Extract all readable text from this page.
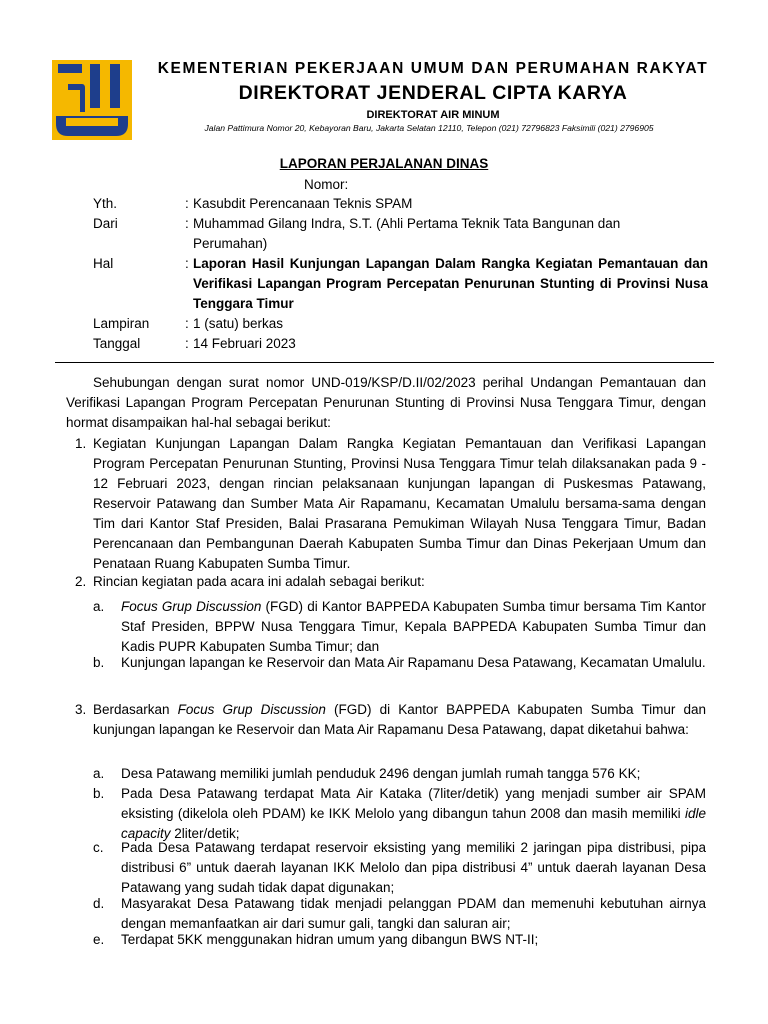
KEMENTERIAN PEKERJAAN UMUM DAN PERUMAHAN RAKYAT
DIREKTORAT JENDERAL CIPTA KARYA
DIREKTORAT AIR MINUM
Jalan Pattimura Nomor 20, Kebayoran Baru, Jakarta Selatan 12110, Telepon (021) 72796823 Faksimili (021) 2796905
LAPORAN PERJALANAN DINAS
Nomor:
Yth.	: Kasubdit Perencanaan Teknis SPAM
Dari	: Muhammad Gilang Indra, S.T. (Ahli Pertama Teknik Tata Bangunan dan
Perumahan)
Hal	: Laporan Hasil Kunjungan Lapangan Dalam Rangka Kegiatan Pemantauan dan Verifikasi Lapangan Program Percepatan Penurunan Stunting di Provinsi Nusa Tenggara Timur
Lampiran	: 1 (satu) berkas
Tanggal	: 14 Februari 2023
Sehubungan dengan surat nomor UND-019/KSP/D.II/02/2023 perihal Undangan Pemantauan dan Verifikasi Lapangan Program Percepatan Penurunan Stunting di Provinsi Nusa Tenggara Timur, dengan hormat disampaikan hal-hal sebagai berikut:
1. Kegiatan Kunjungan Lapangan Dalam Rangka Kegiatan Pemantauan dan Verifikasi Lapangan Program Percepatan Penurunan Stunting, Provinsi Nusa Tenggara Timur telah dilaksanakan pada 9 - 12 Februari 2023, dengan rincian pelaksanaan kunjungan lapangan di Puskesmas Patawang, Reservoir Patawang dan Sumber Mata Air Rapamanu, Kecamatan Umalulu bersama-sama dengan Tim dari Kantor Staf Presiden, Balai Prasarana Pemukiman Wilayah Nusa Tenggara Timur, Badan Perencanaan dan Pembangunan Daerah Kabupaten Sumba Timur dan Dinas Pekerjaan Umum dan Penataan Ruang Kabupaten Sumba Timur.
2. Rincian kegiatan pada acara ini adalah sebagai berikut:
a. Focus Grup Discussion (FGD) di Kantor BAPPEDA Kabupaten Sumba timur bersama Tim Kantor Staf Presiden, BPPW Nusa Tenggara Timur, Kepala BAPPEDA Kabupaten Sumba Timur dan Kadis PUPR Kabupaten Sumba Timur; dan
b. Kunjungan lapangan ke Reservoir dan Mata Air Rapamanu Desa Patawang, Kecamatan Umalulu.
3. Berdasarkan Focus Grup Discussion (FGD) di Kantor BAPPEDA Kabupaten Sumba Timur dan kunjungan lapangan ke Reservoir dan Mata Air Rapamanu Desa Patawang, dapat diketahui bahwa:
a. Desa Patawang memiliki jumlah penduduk 2496 dengan jumlah rumah tangga 576 KK;
b. Pada Desa Patawang terdapat Mata Air Kataka (7liter/detik) yang menjadi sumber air SPAM eksisting (dikelola oleh PDAM) ke IKK Melolo yang dibangun tahun 2008 dan masih memiliki idle capacity 2liter/detik;
c. Pada Desa Patawang terdapat reservoir eksisting yang memiliki 2 jaringan pipa distribusi, pipa distribusi 6” untuk daerah layanan IKK Melolo dan pipa distribusi 4” untuk daerah layanan Desa Patawang yang sudah tidak dapat digunakan;
d. Masyarakat Desa Patawang tidak menjadi pelanggan PDAM dan memenuhi kebutuhan airnya dengan memanfaatkan air dari sumur gali, tangki dan saluran air;
e. Terdapat 5KK menggunakan hidran umum yang dibangun BWS NT-II;
